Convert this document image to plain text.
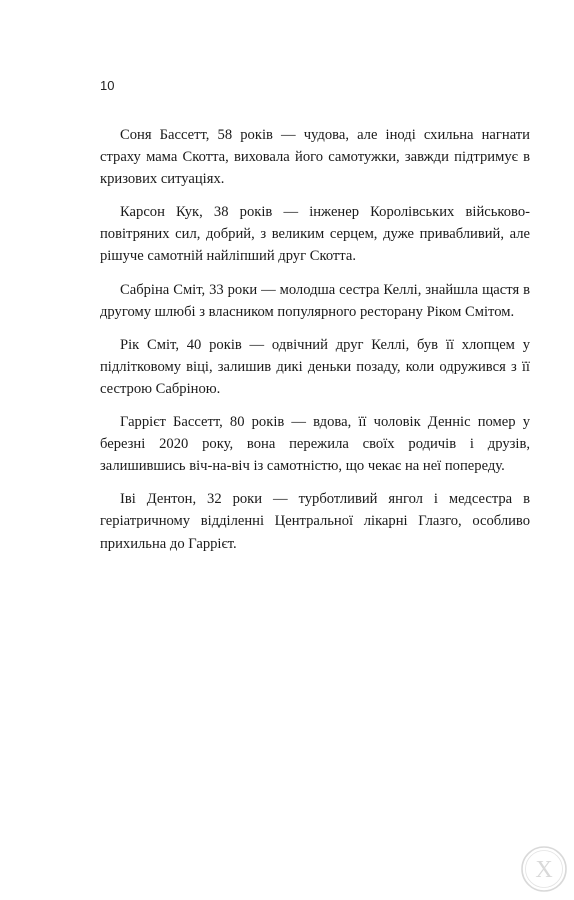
10

Соня Бассетт, 58 років — чудова, але іноді схильна нагнати страху мама Скотта, виховала його самотужки, завжди підтримує в кризових ситуаціях.

Карсон Кук, 38 років — інженер Королівських військово-повітряних сил, добрий, з великим серцем, дуже привабливий, але рішуче самотній найліпший друг Скотта.

Сабріна Сміт, 33 роки — молодша сестра Келлі, знайшла щастя в другому шлюбі з власником популярного ресторану Ріком Смітом.

Рік Сміт, 40 років — одвічний друг Келлі, був її хлопцем у підлітковому віці, залишив дикі деньки позаду, коли одружився з її сестрою Сабріною.

Гаррієт Бассетт, 80 років — вдова, її чоловік Денніс помер у березні 2020 року, вона пережила своїх родичів і друзів, залишившись віч-на-віч із самотністю, що чекає на неї попереду.

Іві Дентон, 32 роки — турботливий янгол і медсестра в геріатричному відділенні Центральної лікарні Глазго, особливо прихильна до Гаррієт.

X
